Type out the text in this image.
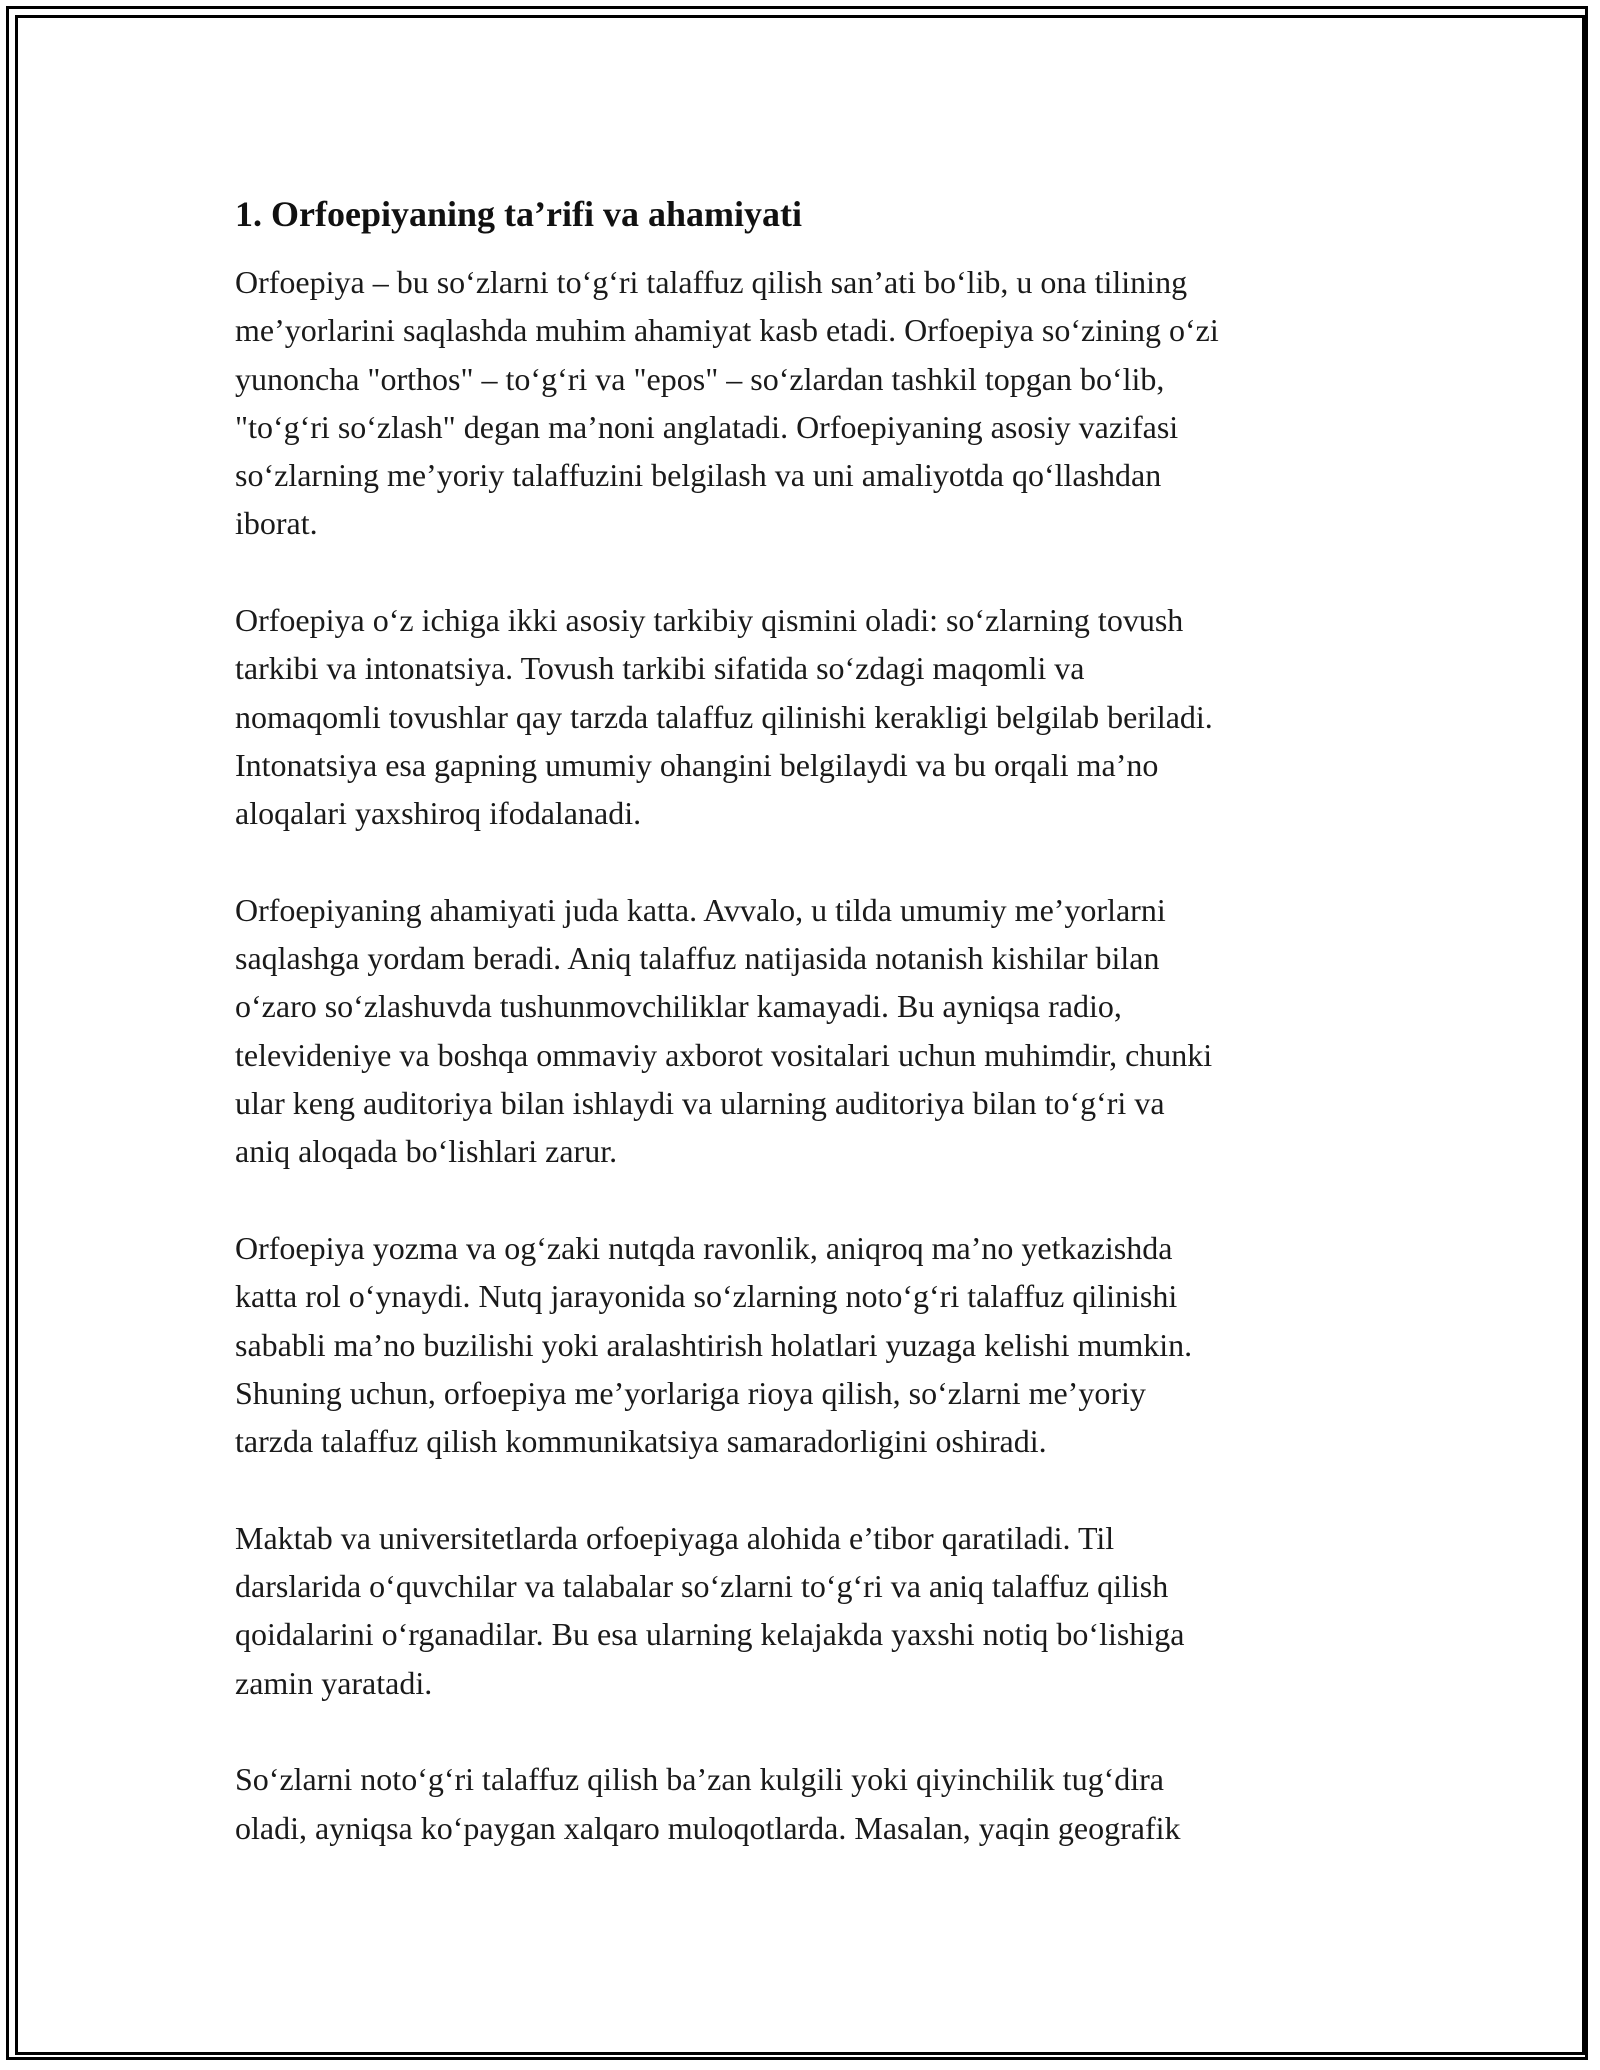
1. Orfoepiyaning ta’rifi va ahamiyati

Orfoepiya – bu so‘zlarni to‘g‘ri talaffuz qilish san’ati bo‘lib, u ona tilining
me’yorlarini saqlashda muhim ahamiyat kasb etadi. Orfoepiya so‘zining o‘zi
yunoncha "orthos" – to‘g‘ri va "epos" – so‘zlardan tashkil topgan bo‘lib,
"to‘g‘ri so‘zlash" degan ma’noni anglatadi. Orfoepiyaning asosiy vazifasi
so‘zlarning me’yoriy talaffuzini belgilash va uni amaliyotda qo‘llashdan
iborat.

Orfoepiya o‘z ichiga ikki asosiy tarkibiy qismini oladi: so‘zlarning tovush
tarkibi va intonatsiya. Tovush tarkibi sifatida so‘zdagi maqomli va
nomaqomli tovushlar qay tarzda talaffuz qilinishi kerakligi belgilab beriladi.
Intonatsiya esa gapning umumiy ohangini belgilaydi va bu orqali ma’no
aloqalari yaxshiroq ifodalanadi.

Orfoepiyaning ahamiyati juda katta. Avvalo, u tilda umumiy me’yorlarni
saqlashga yordam beradi. Aniq talaffuz natijasida notanish kishilar bilan
o‘zaro so‘zlashuvda tushunmovchiliklar kamayadi. Bu ayniqsa radio,
televideniye va boshqa ommaviy axborot vositalari uchun muhimdir, chunki
ular keng auditoriya bilan ishlaydi va ularning auditoriya bilan to‘g‘ri va
aniq aloqada bo‘lishlari zarur.

Orfoepiya yozma va og‘zaki nutqda ravonlik, aniqroq ma’no yetkazishda
katta rol o‘ynaydi. Nutq jarayonida so‘zlarning noto‘g‘ri talaffuz qilinishi
sababli ma’no buzilishi yoki aralashtirish holatlari yuzaga kelishi mumkin.
Shuning uchun, orfoepiya me’yorlariga rioya qilish, so‘zlarni me’yoriy
tarzda talaffuz qilish kommunikatsiya samaradorligini oshiradi.

Maktab va universitetlarda orfoepiyaga alohida e’tibor qaratiladi. Til
darslarida o‘quvchilar va talabalar so‘zlarni to‘g‘ri va aniq talaffuz qilish
qoidalarini o‘rganadilar. Bu esa ularning kelajakda yaxshi notiq bo‘lishiga
zamin yaratadi.

So‘zlarni noto‘g‘ri talaffuz qilish ba’zan kulgili yoki qiyinchilik tug‘dira
oladi, ayniqsa ko‘paygan xalqaro muloqotlarda. Masalan, yaqin geografik
